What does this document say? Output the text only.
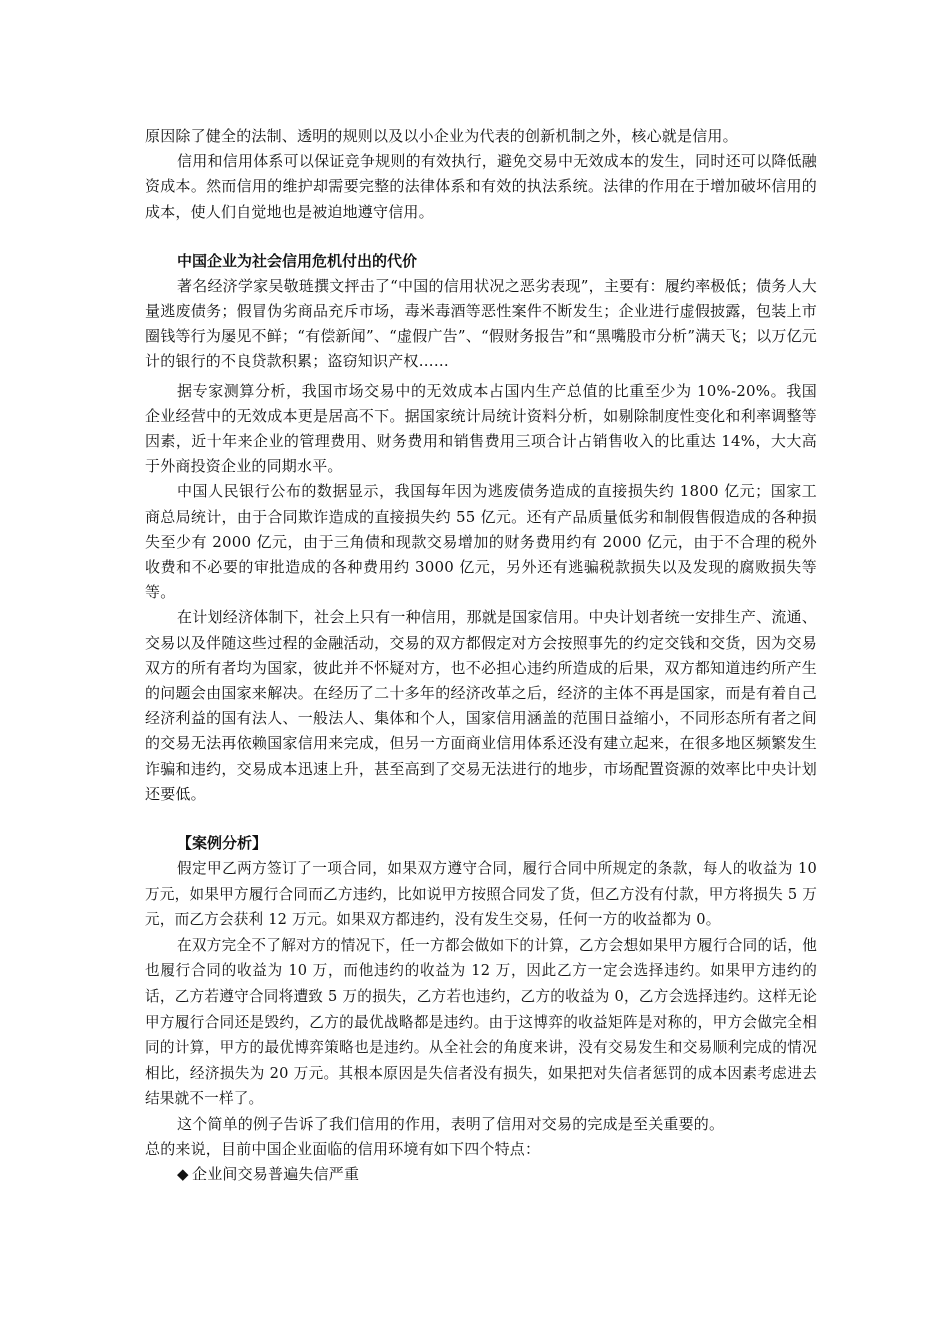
原因除了健全的法制、透明的规则以及以小企业为代表的创新机制之外，核心就是信用。

信用和信用体系可以保证竞争规则的有效执行，避免交易中无效成本的发生，同时还可以降低融资成本。然而信用的维护却需要完整的法律体系和有效的执法系统。法律的作用在于增加破坏信用的成本，使人们自觉地也是被迫地遵守信用。

中国企业为社会信用危机付出的代价

著名经济学家吴敬琏撰文抨击了“中国的信用状况之恶劣表现”，主要有：履约率极低；债务人大量逃废债务；假冒伪劣商品充斥市场，毒米毒酒等恶性案件不断发生；企业进行虚假披露，包装上市圈钱等行为屡见不鲜；“有偿新闻”、“虚假广告”、“假财务报告”和“黑嘴股市分析”满天飞；以万亿元计的银行的不良贷款积累；盗窃知识产权……

据专家测算分析，我国市场交易中的无效成本占国内生产总值的比重至少为 10%-20%。我国企业经营中的无效成本更是居高不下。据国家统计局统计资料分析，如剔除制度性变化和利率调整等因素，近十年来企业的管理费用、财务费用和销售费用三项合计占销售收入的比重达 14%，大大高于外商投资企业的同期水平。

中国人民银行公布的数据显示，我国每年因为逃废债务造成的直接损失约 1800 亿元；国家工商总局统计，由于合同欺诈造成的直接损失约 55 亿元。还有产品质量低劣和制假售假造成的各种损失至少有 2000 亿元，由于三角债和现款交易增加的财务费用约有 2000 亿元，由于不合理的税外收费和不必要的审批造成的各种费用约 3000 亿元，另外还有逃骗税款损失以及发现的腐败损失等等。

在计划经济体制下，社会上只有一种信用，那就是国家信用。中央计划者统一安排生产、流通、交易以及伴随这些过程的金融活动，交易的双方都假定对方会按照事先的约定交钱和交货，因为交易双方的所有者均为国家，彼此并不怀疑对方，也不必担心违约所造成的后果，双方都知道违约所产生的问题会由国家来解决。在经历了二十多年的经济改革之后，经济的主体不再是国家，而是有着自己经济利益的国有法人、一般法人、集体和个人，国家信用涵盖的范围日益缩小，不同形态所有者之间的交易无法再依赖国家信用来完成，但另一方面商业信用体系还没有建立起来，在很多地区频繁发生诈骗和违约，交易成本迅速上升，甚至高到了交易无法进行的地步，市场配置资源的效率比中央计划还要低。

【案例分析】

假定甲乙两方签订了一项合同，如果双方遵守合同，履行合同中所规定的条款，每人的收益为 10 万元，如果甲方履行合同而乙方违约，比如说甲方按照合同发了货，但乙方没有付款，甲方将损失 5 万元，而乙方会获利 12 万元。如果双方都违约，没有发生交易，任何一方的收益都为 0。

在双方完全不了解对方的情况下，任一方都会做如下的计算，乙方会想如果甲方履行合同的话，他也履行合同的收益为 10 万，而他违约的收益为 12 万，因此乙方一定会选择违约。如果甲方违约的话，乙方若遵守合同将遭致 5 万的损失，乙方若也违约，乙方的收益为 0，乙方会选择违约。这样无论甲方履行合同还是毁约，乙方的最优战略都是违约。由于这博弈的收益矩阵是对称的，甲方会做完全相同的计算，甲方的最优博弈策略也是违约。从全社会的角度来讲，没有交易发生和交易顺利完成的情况相比，经济损失为 20 万元。其根本原因是失信者没有损失，如果把对失信者惩罚的成本因素考虑进去结果就不一样了。

这个简单的例子告诉了我们信用的作用，表明了信用对交易的完成是至关重要的。

总的来说，目前中国企业面临的信用环境有如下四个特点：

◆ 企业间交易普遍失信严重
